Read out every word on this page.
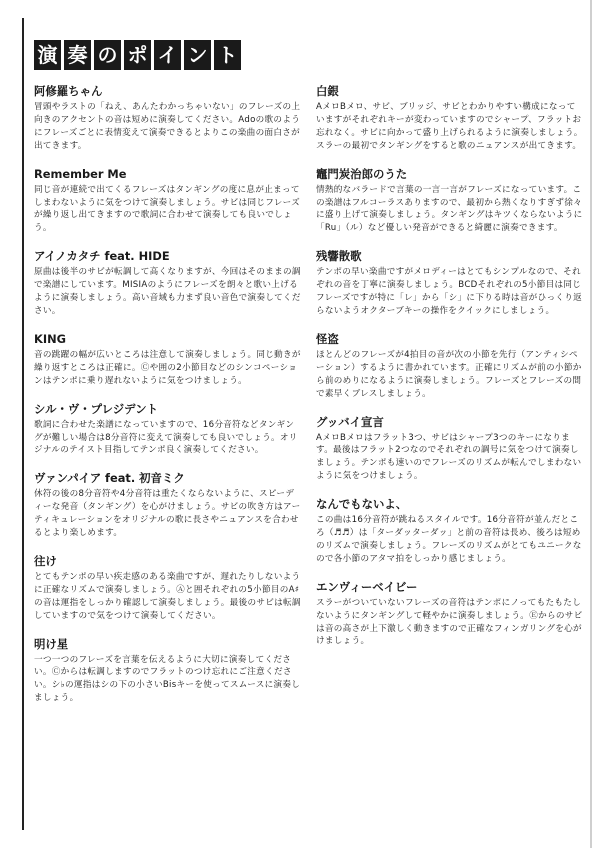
演 奏 の ポ イ ン ト
阿修羅ちゃん

冒頭やラストの「ねえ、あんたわかっちゃいない」のフレーズの上向きのアクセントの音は短めに演奏してください。Adoの歌のようにフレーズごとに表情変えて演奏できるとよりこの楽曲の面白さが出てきます。

Remember Me

同じ音が連続で出てくるフレーズはタンギングの度に息が止まってしまわないように気をつけて演奏しましょう。サビは同じフレーズが繰り返し出てきますので歌詞に合わせて演奏しても良いでしょう。

アイノカタチ feat. HIDE

原曲は後半のサビが転調して高くなりますが、今回はそのままの調で楽譜にしています。MISIAのようにフレーズを朗々と歌い上げるように演奏しましょう。高い音域も力まず良い音色で演奏してください。

KING

音の跳躍の幅が広いところは注意して演奏しましょう。同じ動きが繰り返すところは正確に。Ⓒや囲の2小節目などのシンコペーションはテンポに乗り遅れないように気をつけましょう。

シル・ヴ・プレジデント

歌詞に合わせた楽譜になっていますので、16分音符などタンギングが難しい場合は8分音符に変えて演奏しても良いでしょう。オリジナルのテイスト目指してテンポ良く演奏してください。

ヴァンパイア feat. 初音ミク

休符の後の8分音符や4分音符は重たくならないように、スピーディーな発音（タンギング）を心がけましょう。サビの吹き方はアーティキュレーションをオリジナルの歌に長さやニュアンスを合わせるとより楽しめます。

往け

とてもテンポの早い疾走感のある楽曲ですが、遅れたりしないように正確なリズムで演奏しましょう。Ⓐと囲それぞれの5小節目のA♯の音は運指をしっかり確認して演奏しましょう。最後のサビは転調していますので気をつけて演奏してください。

明け星

一つ一つのフレーズを言葉を伝えるように大切に演奏してください。Ⓒからは転調しますのでフラットのつけ忘れにご注意ください。シ♭の運指はシの下の小さいBisキーを使ってスムースに演奏しましょう。

白銀

AメロBメロ、サビ、ブリッジ、サビとわかりやすい構成になっていますがそれぞれキーが変わっていますのでシャープ、フラットお忘れなく。サビに向かって盛り上げられるように演奏しましょう。スラーの最初でタンギングをすると歌のニュアンスが出てきます。

竈門炭治郎のうた

情熱的なバラードで言葉の一言一言がフレーズになっています。この楽譜はフルコーラスありますので、最初から熱くなりすぎず徐々に盛り上げて演奏しましょう。タンギングはキツくならないように「Ru」（ル）など優しい発音ができると綺麗に演奏できます。

残響散歌

テンポの早い楽曲ですがメロディーはとてもシンプルなので、それぞれの音を丁寧に演奏しましょう。BCDそれぞれの5小節目は同じフレーズですが特に「レ」から「シ」に下りる時は音がひっくり返らないようオクターブキーの操作をクイックにしましょう。

怪盗

ほとんどのフレーズが4拍目の音が次の小節を先行（アンティシペーション）するように書かれています。正確にリズムが前の小節から前のめりになるように演奏しましょう。フレーズとフレーズの間で素早くブレスしましょう。

グッバイ宣言

AメロBメロはフラット3つ、サビはシャープ3つのキーになります。最後はフラット2つなのでそれぞれの調号に気をつけて演奏しましょう。テンポも速いのでフレーズのリズムが転んでしまわないように気をつけましょう。

なんでもないよ、

この曲は16分音符が跳ねるスタイルです。16分音符が並んだところ（♬♬）は「ターダッターダッ」と前の音符は長め、後ろは短めのリズムで演奏しましょう。フレーズのリズムがとてもユニークなので各小節のアタマ拍をしっかり感じましょう。

エンヴィーベイビー

スラーがついていないフレーズの音符はテンポにノってもたもたしないようにタンギングして軽やかに演奏しましょう。Ⓔからのサビは音の高さが上下激しく動きますので正確なフィンガリングを心がけましょう。
